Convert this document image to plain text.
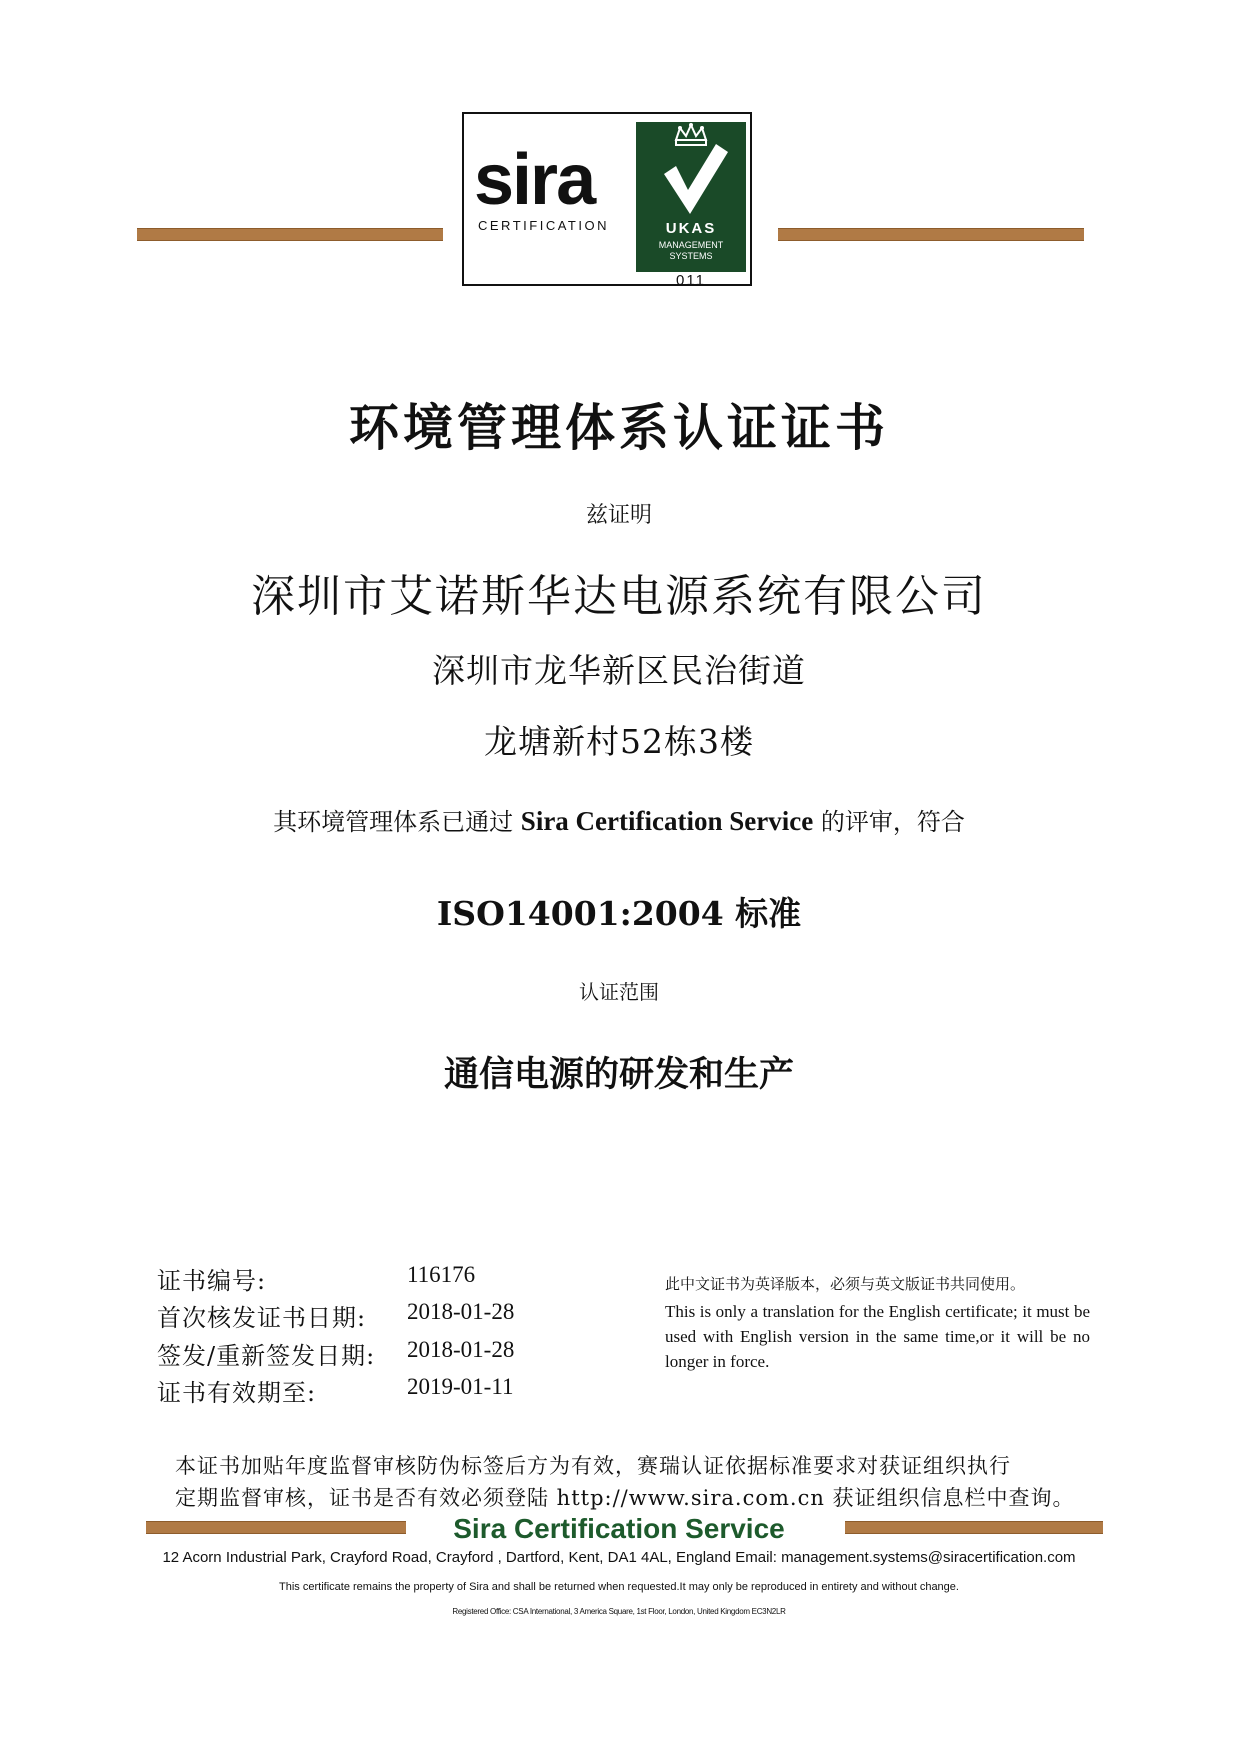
sira
CERTIFICATION	UKAS
MANAGEMENT
SYSTEMS
011
环境管理体系认证证书
兹证明
深圳市艾诺斯华达电源系统有限公司
深圳市龙华新区民治街道
龙塘新村52栋3楼
其环境管理体系已通过 Sira Certification Service 的评审，符合
ISO14001:2004 标准
认证范围
通信电源的研发和生产
证书编号:	116176
首次核发证书日期: 2018-01-28
签发/重新签发日期: 2018-01-28
证书有效期至:	2019-01-11
此中文证书为英译版本，必须与英文版证书共同使用。
This is only a translation for the English certificate; it must be used with English version in the same time,or it will be no longer in force.
本证书加贴年度监督审核防伪标签后方为有效，赛瑞认证依据标准要求对获证组织执行
定期监督审核，证书是否有效必须登陆 http://www.sira.com.cn 获证组织信息栏中查询。
Sira Certification Service
12 Acorn Industrial Park, Crayford Road, Crayford , Dartford, Kent, DA1 4AL, England Email: management.systems@siracertification.com
This certificate remains the property of Sira and shall be returned when requested.It may only be reproduced in entirety and without change.
Registered Office: CSA International, 3 America Square, 1st Floor, London, United Kingdom EC3N2LR
